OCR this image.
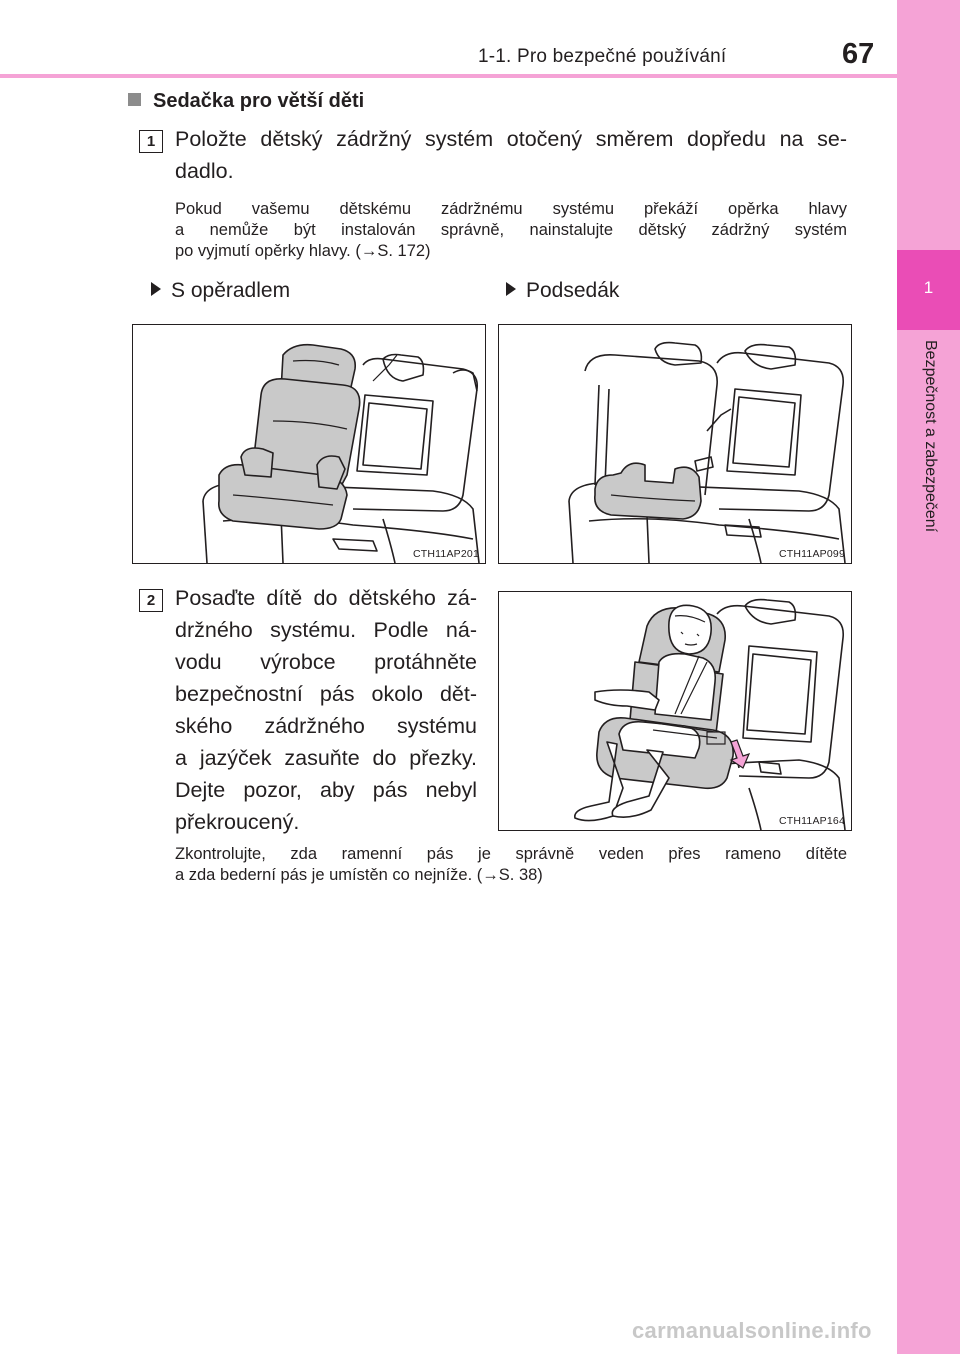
1-1. Pro bezpečné používání	67
1
Bezpečnost a zabezpečení
Sedačka pro větší děti
1 Položte dětský zádržný systém otočený směrem dopředu na se-
dadlo.
Pokud vašemu dětskému zádržnému systému překáží opěrka hlavy
a nemůže být instalován správně, nainstalujte dětský zádržný systém
po vyjmutí opěrky hlavy. (→S. 172)
S opěradlem	Podsedák
CTH11AP201	CTH11AP099
2 Posaďte dítě do dětského zá-
držného systému. Podle ná-
vodu výrobce protáhněte
bezpečnostní pás okolo dět-
ského zádržného systému
a jazýček zasuňte do přezky.
Dejte pozor, aby pás nebyl
překroucený.	CTH11AP164
Zkontrolujte, zda ramenní pás je správně veden přes rameno dítěte
a zda bederní pás je umístěn co nejníže. (→S. 38)
carmanualsonline.info
